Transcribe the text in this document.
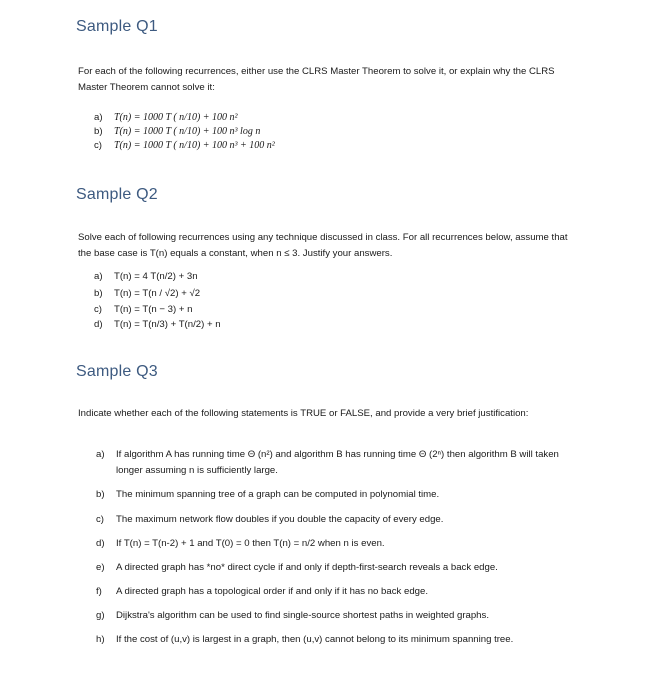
Sample Q1
For each of the following recurrences, either use the CLRS Master Theorem to solve it, or explain why the CLRS Master Theorem cannot solve it:
a) T(n) = 1000 T ( n/10) + 100 n²
b) T(n) = 1000 T ( n/10) + 100 n³ log n
c) T(n) = 1000 T ( n/10) + 100 n³ + 100 n²
Sample Q2
Solve each of following recurrences using any technique discussed in class. For all recurrences below, assume that the base case is T(n) equals a constant, when n ≤ 3. Justify your answers.
a) T(n) = 4 T(n/2) + 3n
b) T(n) = T(n / √2) + √2
c) T(n) = T(n − 3) + n
d) T(n) = T(n/3) + T(n/2) + n
Sample Q3
Indicate whether each of the following statements is TRUE or FALSE, and provide a very brief justification:
a) If algorithm A has running time Θ (n²) and algorithm B has running time Θ (2ⁿ) then algorithm B will taken longer assuming n is sufficiently large.
b) The minimum spanning tree of a graph can be computed in polynomial time.
c) The maximum network flow doubles if you double the capacity of every edge.
d) If T(n) = T(n-2) + 1 and T(0) = 0 then T(n) = n/2 when n is even.
e) A directed graph has *no* direct cycle if and only if depth-first-search reveals a back edge.
f) A directed graph has a topological order if and only if it has no back edge.
g) Dijkstra's algorithm can be used to find single-source shortest paths in weighted graphs.
h) If the cost of (u,v) is largest in a graph, then (u,v) cannot belong to its minimum spanning tree.
